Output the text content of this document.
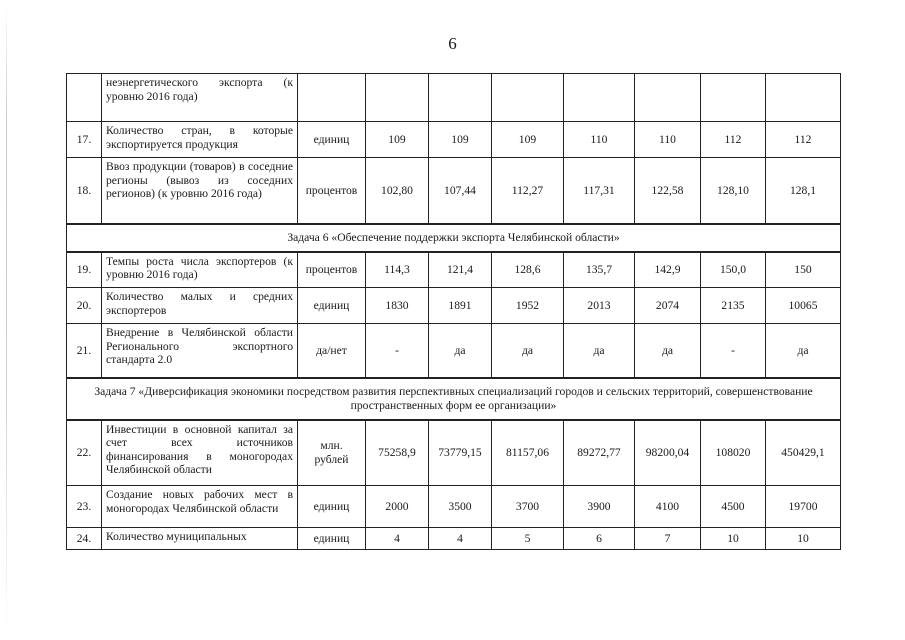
6

	неэнергетического экспорта (к уровню 2016 года)								

17.	Количество стран, в которые экспортируется продукция	единиц	109	109	109	110	110	112	112
18.	Ввоз продукции (товаров) в соседние регионы (вывоз из соседних регионов) (к уровню 2016 года)	процентов	102,80	107,44	112,27	117,31	122,58	128,10	128,1
Задача 6 «Обеспечение поддержки экспорта Челябинской области»									
19.	Темпы роста числа экспортеров (к уровню 2016 года)	процентов	114,3	121,4	128,6	135,7	142,9	150,0	150
20.	Количество малых и средних экспортеров	единиц	1830	1891	1952	2013	2074	2135	10065
21.	Внедрение в Челябинской области Регионального экспортного стандарта 2.0	да/нет	-	да	да	да	да	-	да
Задача 7 «Диверсификация экономики посредством развития перспективных специализаций городов и сельских территорий, совершенствование пространственных форм ее организации»									
22.	Инвестиции в основной капитал за счет всех источников финансирования в моногородах Челябинской области	млн. рублей	75258,9	73779,15	81157,06	89272,77	98200,04	108020	450429,1
23.	Создание новых рабочих мест в моногородах Челябинской области	единиц	2000	3500	3700	3900	4100	4500	19700
24.	Количество муниципальных	единиц	4	4	5	6	7	10	10
